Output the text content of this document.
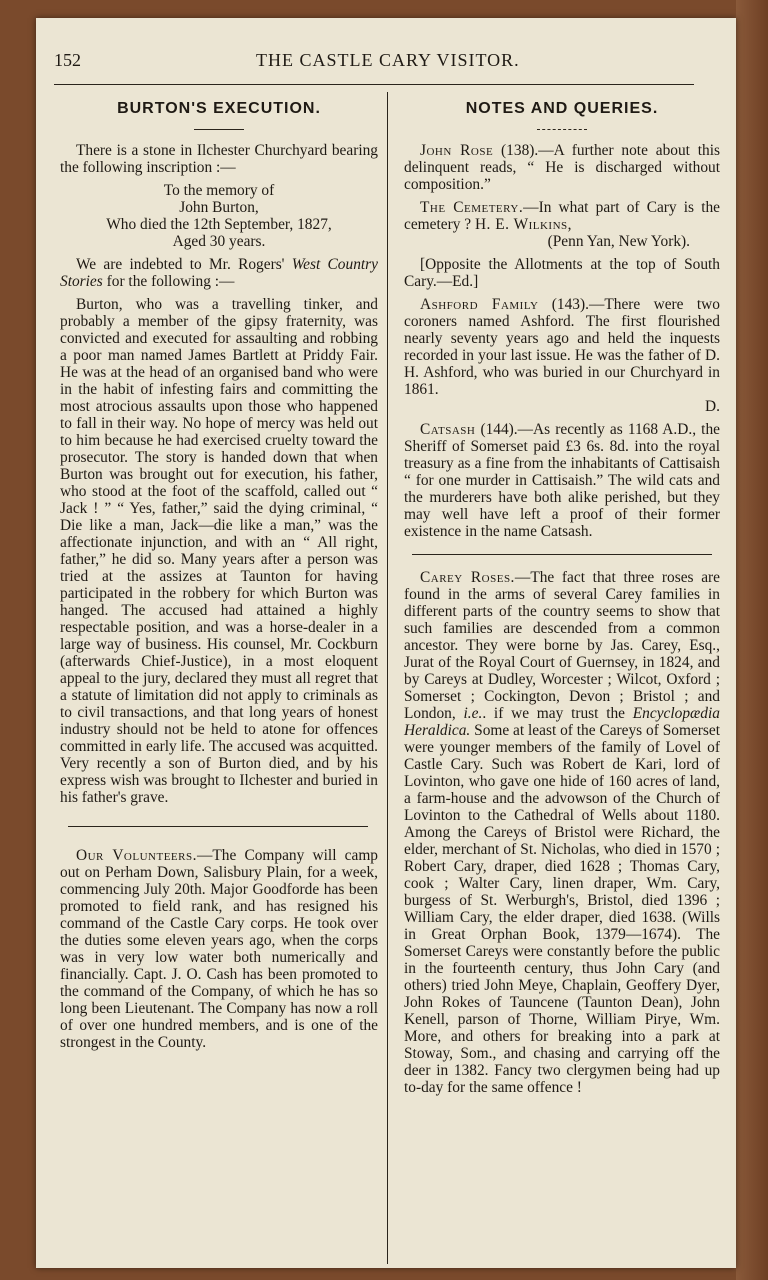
152	THE CASTLE CARY VISITOR.
BURTON'S EXECUTION.

There is a stone in Ilchester Churchyard bearing the following inscription :—

To the memory of
John Burton,
Who died the 12th September, 1827,
Aged 30 years.

We are indebted to Mr. Rogers' West Country Stories for the following :—

Burton, who was a travelling tinker, and probably a member of the gipsy fraternity, was convicted and executed for assaulting and robbing a poor man named James Bartlett at Priddy Fair. He was at the head of an organised band who were in the habit of infesting fairs and committing the most atrocious assaults upon those who happened to fall in their way. No hope of mercy was held out to him because he had exercised cruelty toward the prosecutor. The story is handed down that when Burton was brought out for execution, his father, who stood at the foot of the scaffold, called out “ Jack ! ” “ Yes, father,” said the dying criminal, “ Die like a man, Jack—die like a man,” was the affectionate injunction, and with an “ All right, father,” he did so. Many years after a person was tried at the assizes at Taunton for having participated in the robbery for which Burton was hanged. The accused had attained a highly respectable position, and was a horse-dealer in a large way of business. His counsel, Mr. Cockburn (afterwards Chief-Justice), in a most eloquent appeal to the jury, declared they must all regret that a statute of limitation did not apply to criminals as to civil transactions, and that long years of honest industry should not be held to atone for offences committed in early life. The accused was acquitted. Very recently a son of Burton died, and by his express wish was brought to Ilchester and buried in his father's grave.

Our Volunteers.—The Company will camp out on Perham Down, Salisbury Plain, for a week, commencing July 20th. Major Goodforde has been promoted to field rank, and has resigned his command of the Castle Cary corps. He took over the duties some eleven years ago, when the corps was in very low water both numerically and financially. Capt. J. O. Cash has been promoted to the command of the Company, of which he has so long been Lieutenant. The Company has now a roll of over one hundred members, and is one of the strongest in the County.

NOTES AND QUERIES.

John Rose (138).—A further note about this delinquent reads, “ He is discharged without composition.”

The Cemetery.—In what part of Cary is the cemetery ? H. E. Wilkins,
(Penn Yan, New York).

[Opposite the Allotments at the top of South Cary.—Ed.]

Ashford Family (143).—There were two coroners named Ashford. The first flourished nearly seventy years ago and held the inquests recorded in your last issue. He was the father of D. H. Ashford, who was buried in our Churchyard in 1861.
D.

Catsash (144).—As recently as 1168 A.D., the Sheriff of Somerset paid £3 6s. 8d. into the royal treasury as a fine from the inhabitants of Cattisaish “ for one murder in Cattisaish.” The wild cats and the murderers have both alike perished, but they may well have left a proof of their former existence in the name Catsash.

Carey Roses.—The fact that three roses are found in the arms of several Carey families in different parts of the country seems to show that such families are descended from a common ancestor. They were borne by Jas. Carey, Esq., Jurat of the Royal Court of Guernsey, in 1824, and by Careys at Dudley, Worcester ; Wilcot, Oxford ; Somerset ; Cockington, Devon ; Bristol ; and London, i.e.. if we may trust the Encyclopædia Heraldica. Some at least of the Careys of Somerset were younger members of the family of Lovel of Castle Cary. Such was Robert de Kari, lord of Lovinton, who gave one hide of 160 acres of land, a farm-house and the advowson of the Church of Lovinton to the Cathedral of Wells about 1180. Among the Careys of Bristol were Richard, the elder, merchant of St. Nicholas, who died in 1570 ; Robert Cary, draper, died 1628 ; Thomas Cary, cook ; Walter Cary, linen draper, Wm. Cary, burgess of St. Werburgh's, Bristol, died 1396 ; William Cary, the elder draper, died 1638. (Wills in Great Orphan Book, 1379—1674). The Somerset Careys were constantly before the public in the fourteenth century, thus John Cary (and others) tried John Meye, Chaplain, Geoffery Dyer, John Rokes of Tauncene (Taunton Dean), John Kenell, parson of Thorne, William Pirye, Wm. More, and others for breaking into a park at Stoway, Som., and chasing and carrying off the deer in 1382. Fancy two clergymen being had up to-day for the same offence !
